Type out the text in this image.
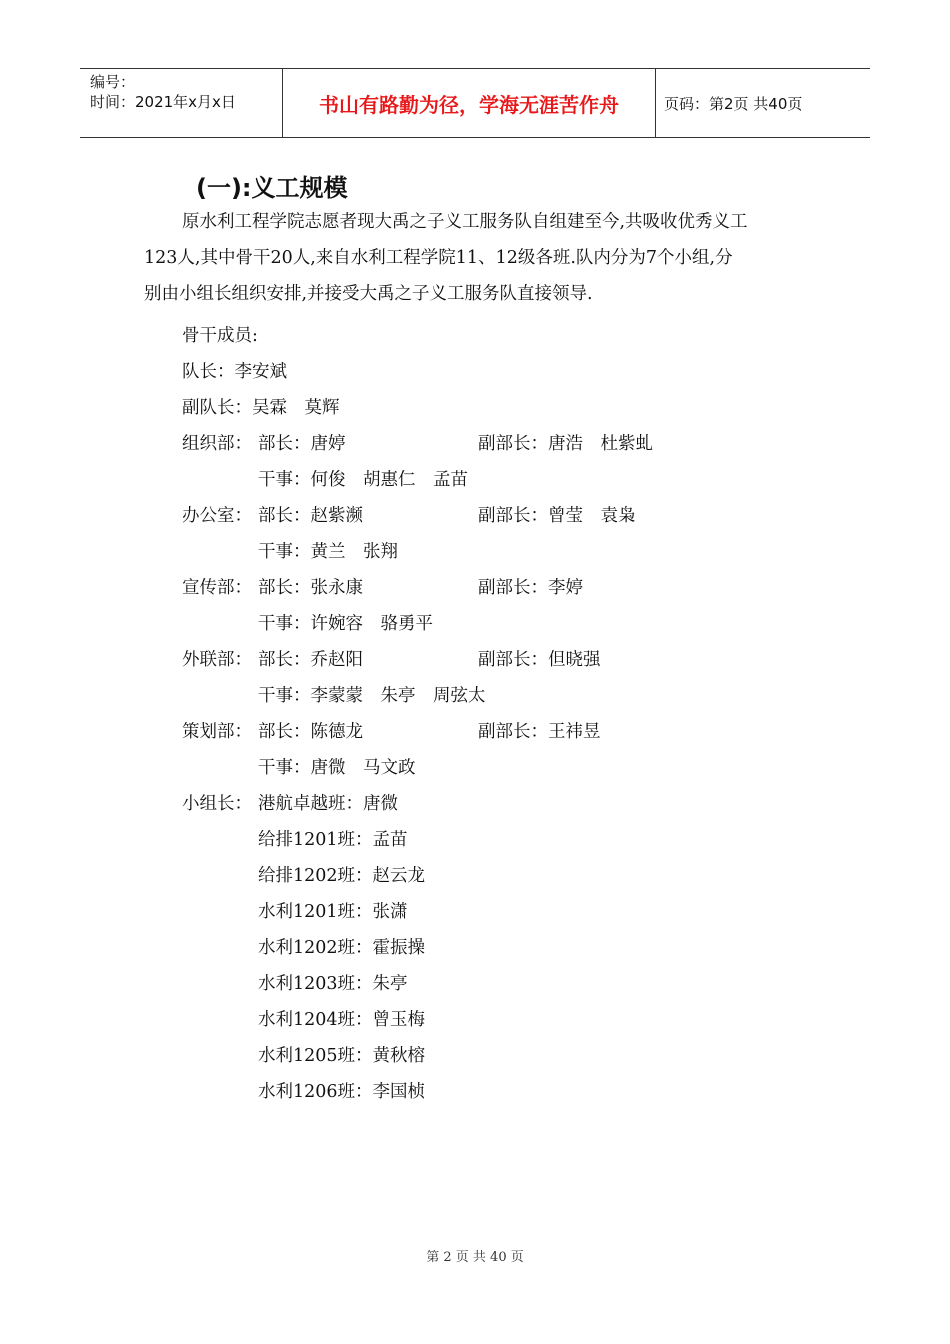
编号：
时间：2021年x月x日	书山有路勤为径，学海无涯苦作舟	页码：第2页 共40页
(一):义工规模
原水利工程学院志愿者现大禹之子义工服务队自组建至今,共吸收优秀义工
123人,其中骨干20人,来自水利工程学院11、12级各班.队内分为7个小组,分
别由小组长组织安排,并接受大禹之子义工服务队直接领导.
骨干成员:
队长：李安斌
副队长：吴霖　莫辉
组织部： 部长：唐婷	副部长：唐浩　杜紫虬
干事：何俊　胡惠仁　孟苗
办公室： 部长：赵紫濒	副部长：曾莹　袁枭
干事：黄兰　张翔
宣传部： 部长：张永康	副部长：李婷
干事：许婉容　骆勇平
外联部： 部长：乔赵阳	副部长：但晓强
干事：李蒙蒙　朱亭　周弦太
策划部： 部长：陈德龙	副部长：王祎昱
干事：唐微　马文政
小组长： 港航卓越班：唐微
给排1201班：孟苗
给排1202班：赵云龙
水利1201班：张潇
水利1202班：霍振操
水利1203班：朱亭
水利1204班：曾玉梅
水利1205班：黄秋榕
水利1206班：李国桢
第 2 页 共 40 页
